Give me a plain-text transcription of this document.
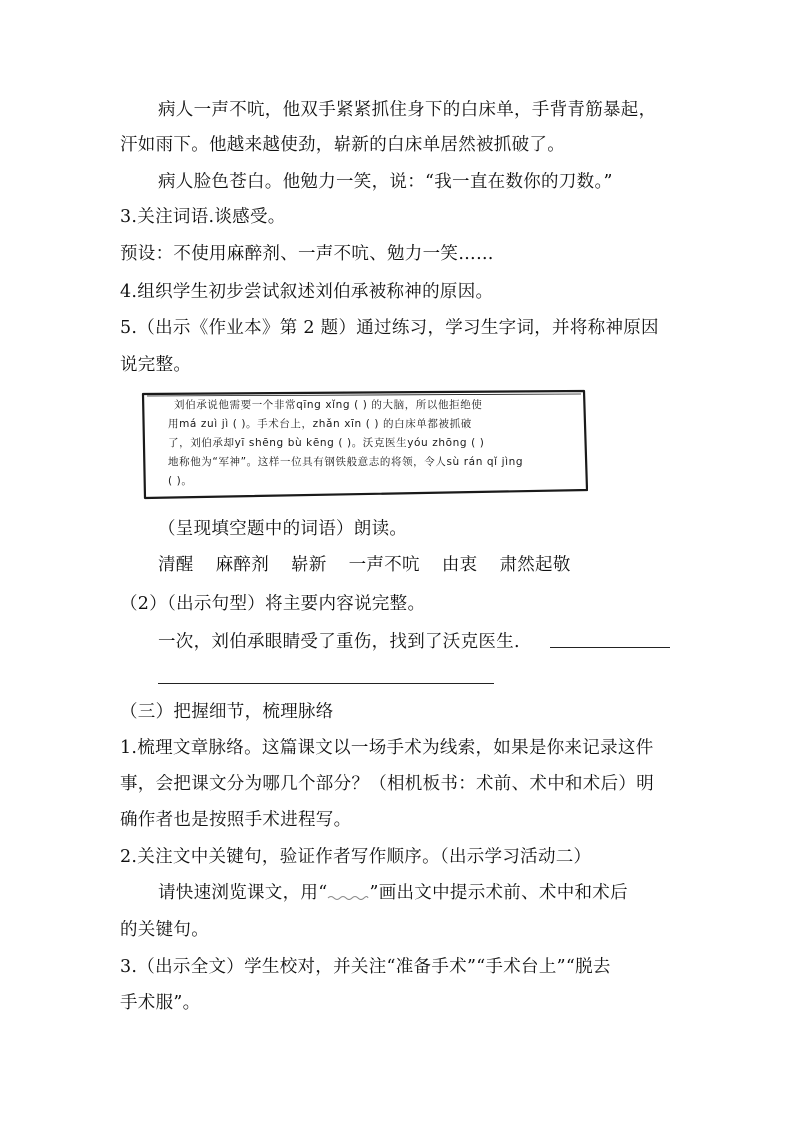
病人一声不吭，他双手紧紧抓住身下的白床单，手背青筋暴起，
汗如雨下。他越来越使劲，崭新的白床单居然被抓破了。
病人脸色苍白。他勉力一笑，说：“我一直在数你的刀数。”
3.关注词语.谈感受。
预设：不使用麻醉剂、一声不吭、勉力一笑……
4.组织学生初步尝试叙述刘伯承被称神的原因。
5.（出示《作业本》第 2 题）通过练习，学习生字词，并将称神原因
说完整。
刘伯承说他需要一个非常qīng xǐng ( ) 的大脑，所以他拒绝使
用má zuì jì ( )。手术台上，zhǎn xīn ( ) 的白床单都被抓破
了，刘伯承却yī shēng bù kēng ( )。沃克医生yóu zhōng ( )
地称他为“军神”。这样一位具有钢铁般意志的将领，令人sù rán qǐ jìng
( )。
（呈现填空题中的词语）朗读。
清醒 麻醉剂 崭新 一声不吭 由衷 肃然起敬
（2）（出示句型）将主要内容说完整。
一次，刘伯承眼睛受了重伤，找到了沃克医生.
（三）把握细节，梳理脉络
1.梳理文章脉络。这篇课文以一场手术为线索，如果是你来记录这件
事，会把课文分为哪几个部分？（相机板书：术前、术中和术后）明
确作者也是按照手术进程写。
2.关注文中关键句，验证作者写作顺序。（出示学习活动二）
请快速浏览课文，用“ ”画出文中提示术前、术中和术后
的关键句。
3.（出示全文）学生校对，并关注“准备手术”“手术台上”“脱去
手术服”。
